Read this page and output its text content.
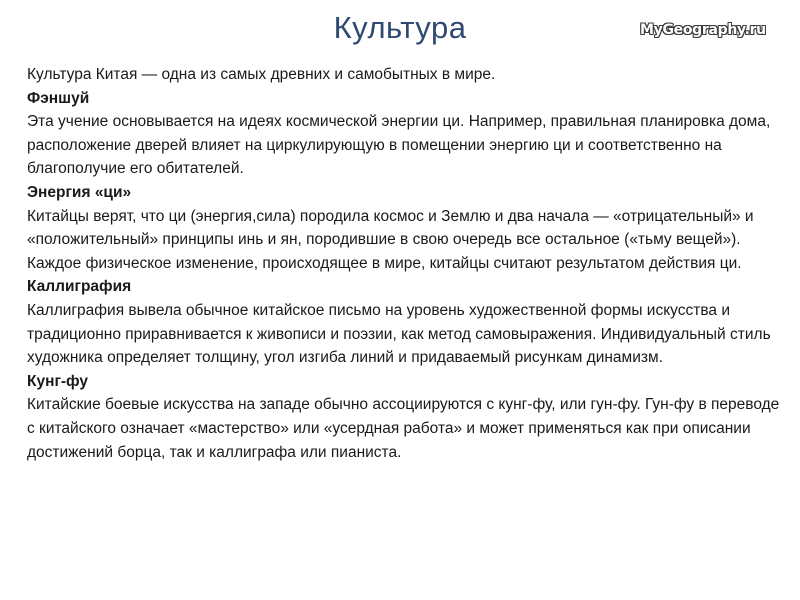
Культура	MyGeography.ru

Культура Китая — одна из самых древних и самобытных в мире.

Фэншуй

Эта учение основывается на идеях космической энергии ци. Например, правильная планировка дома, расположение дверей влияет на циркулирующую в помещении энергию ци и соответственно на благополучие его обитателей.

Энергия «ци»

Китайцы верят, что ци (энергия,сила) породила космос и Землю и два начала — «отрицательный» и «положительный» принципы инь и ян, породившие в свою очередь все остальное («тьму вещей»). Каждое физическое изменение, происходящее в мире, китайцы считают результатом действия ци.

Каллиграфия

Каллиграфия вывела обычное китайское письмо на уровень художественной формы искусства и традиционно приравнивается к живописи и поэзии, как метод самовыражения. Индивидуальный стиль художника определяет толщину, угол изгиба линий и придаваемый рисункам динамизм.

Кунг-фу

Китайские боевые искусства на западе обычно ассоциируются с кунг-фу, или гун-фу. Гун-фу в переводе с китайского означает «мастерство» или «усердная работа» и может применяться как при описании достижений борца, так и каллиграфа или пианиста.
